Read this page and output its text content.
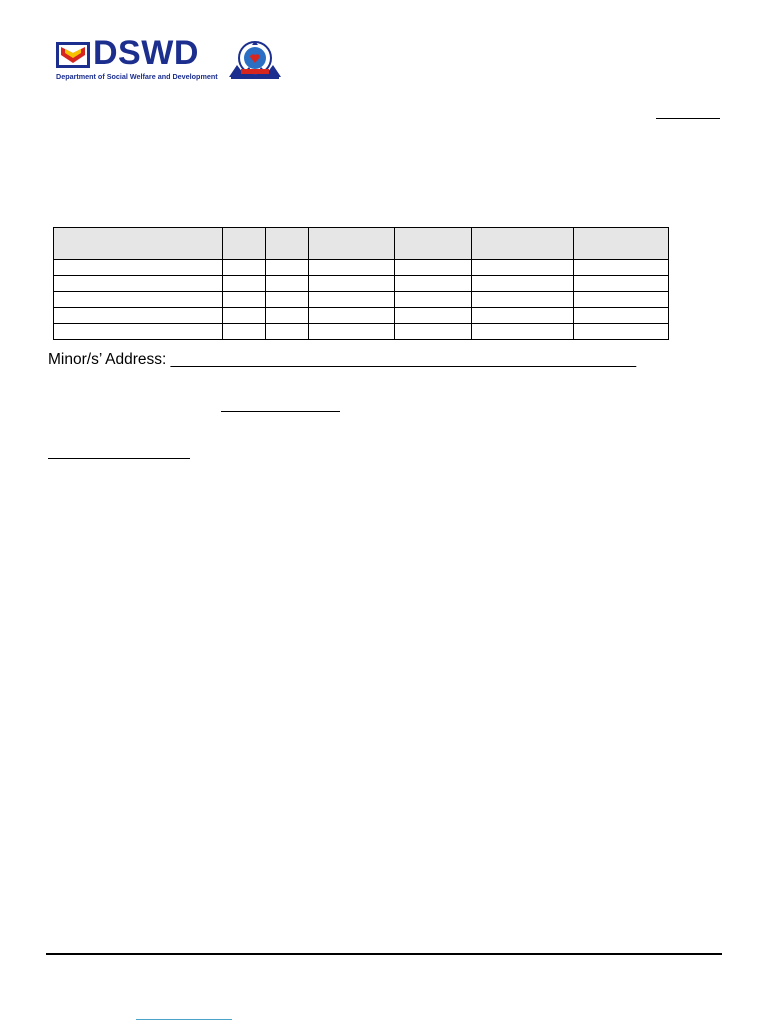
DSWD
Department of Social Welfare and Development

Minor/s’ Address: ______________________________________________________
